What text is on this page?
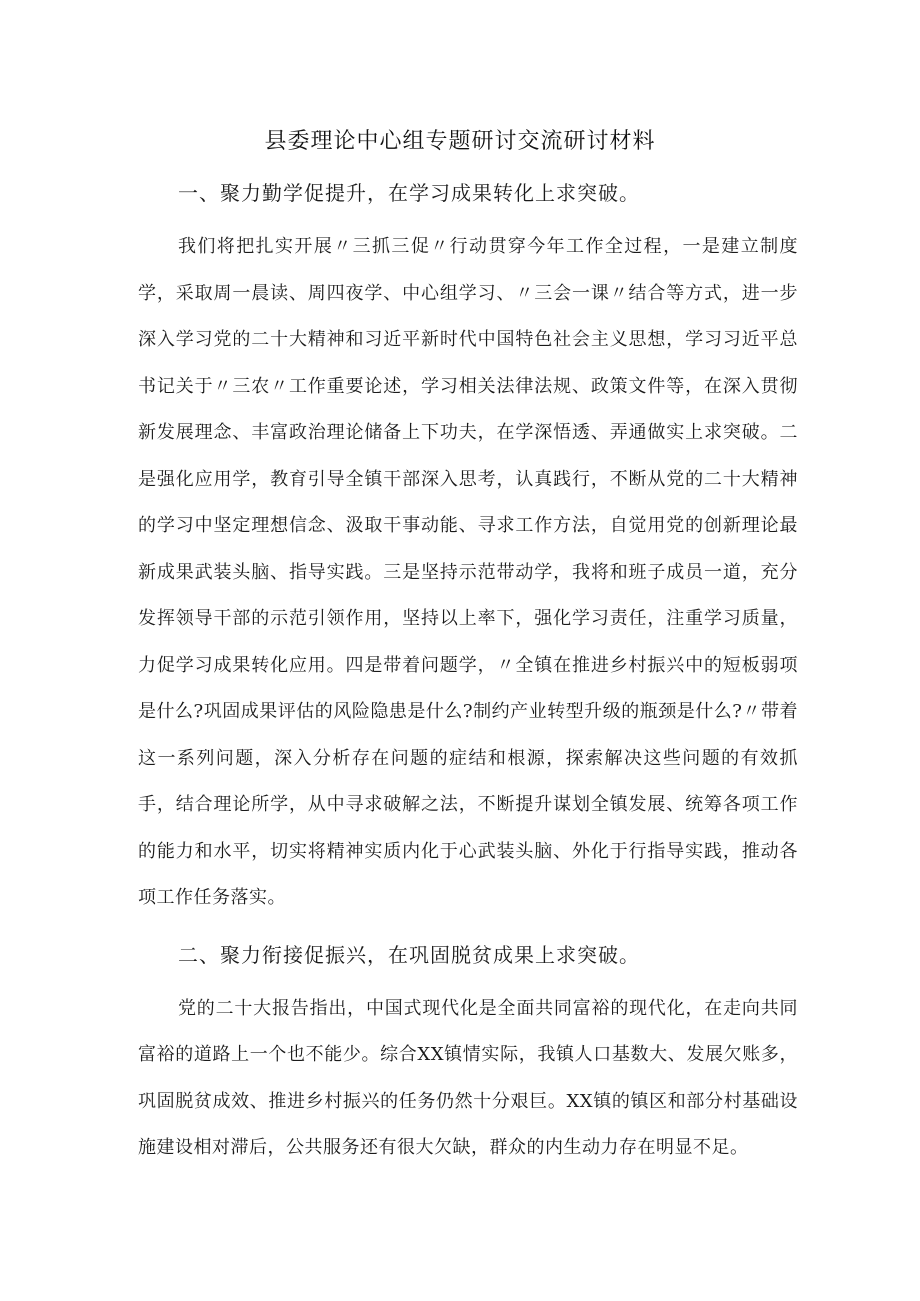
县委理论中心组专题研讨交流研讨材料
一、聚力勤学促提升，在学习成果转化上求突破。
我们将把扎实开展〃三抓三促〃行动贯穿今年工作全过程，一是建立制度学，采取周一晨读、周四夜学、中心组学习、〃三会一课〃结合等方式，进一步深入学习党的二十大精神和习近平新时代中国特色社会主义思想，学习习近平总书记关于〃三农〃工作重要论述，学习相关法律法规、政策文件等，在深入贯彻新发展理念、丰富政治理论储备上下功夫，在学深悟透、弄通做实上求突破。二是强化应用学，教育引导全镇干部深入思考，认真践行，不断从党的二十大精神的学习中坚定理想信念、汲取干事动能、寻求工作方法，自觉用党的创新理论最新成果武装头脑、指导实践。三是坚持示范带动学，我将和班子成员一道，充分发挥领导干部的示范引领作用，坚持以上率下，强化学习责任，注重学习质量，力促学习成果转化应用。四是带着问题学，〃全镇在推进乡村振兴中的短板弱项是什么?巩固成果评估的风险隐患是什么?制约产业转型升级的瓶颈是什么?〃带着这一系列问题，深入分析存在问题的症结和根源，探索解决这些问题的有效抓手，结合理论所学，从中寻求破解之法，不断提升谋划全镇发展、统筹各项工作的能力和水平，切实将精神实质内化于心武装头脑、外化于行指导实践，推动各项工作任务落实。
二、聚力衔接促振兴，在巩固脱贫成果上求突破。
党的二十大报告指出，中国式现代化是全面共同富裕的现代化，在走向共同富裕的道路上一个也不能少。综合XX镇情实际，我镇人口基数大、发展欠账多，巩固脱贫成效、推进乡村振兴的任务仍然十分艰巨。XX镇的镇区和部分村基础设施建设相对滞后，公共服务还有很大欠缺，群众的内生动力存在明显不足。
